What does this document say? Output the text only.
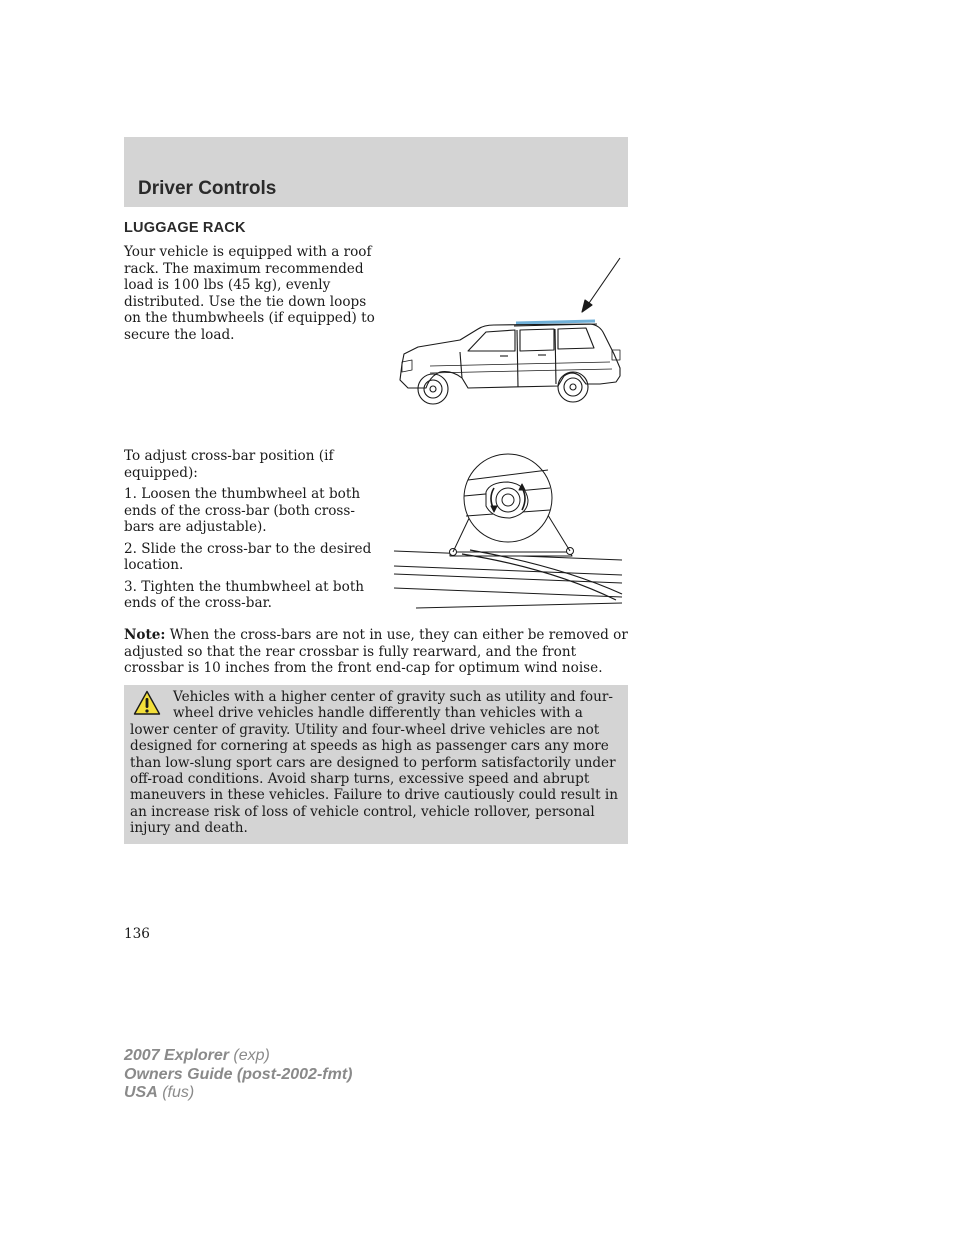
Driver Controls
LUGGAGE RACK

Your vehicle is equipped with a roof rack. The maximum recommended load is 100 lbs (45 kg), evenly distributed. Use the tie down loops on the thumbwheels (if equipped) to secure the load.

To adjust cross-bar position (if equipped):

1. Loosen the thumbwheel at both ends of the cross-bar (both cross-bars are adjustable).

2. Slide the cross-bar to the desired location.

3. Tighten the thumbwheel at both ends of the cross-bar.

Note: When the cross-bars are not in use, they can either be removed or adjusted so that the rear crossbar is fully rearward, and the front crossbar is 10 inches from the front end-cap for optimum wind noise.

Vehicles with a higher center of gravity such as utility and four-wheel drive vehicles handle differently than vehicles with a lower center of gravity. Utility and four-wheel drive vehicles are not designed for cornering at speeds as high as passenger cars any more than low-slung sport cars are designed to perform satisfactorily under off-road conditions. Avoid sharp turns, excessive speed and abrupt maneuvers in these vehicles. Failure to drive cautiously could result in an increase risk of loss of vehicle control, vehicle rollover, personal injury and death.

136

2007 Explorer (exp)
Owners Guide (post-2002-fmt)
USA (fus)
